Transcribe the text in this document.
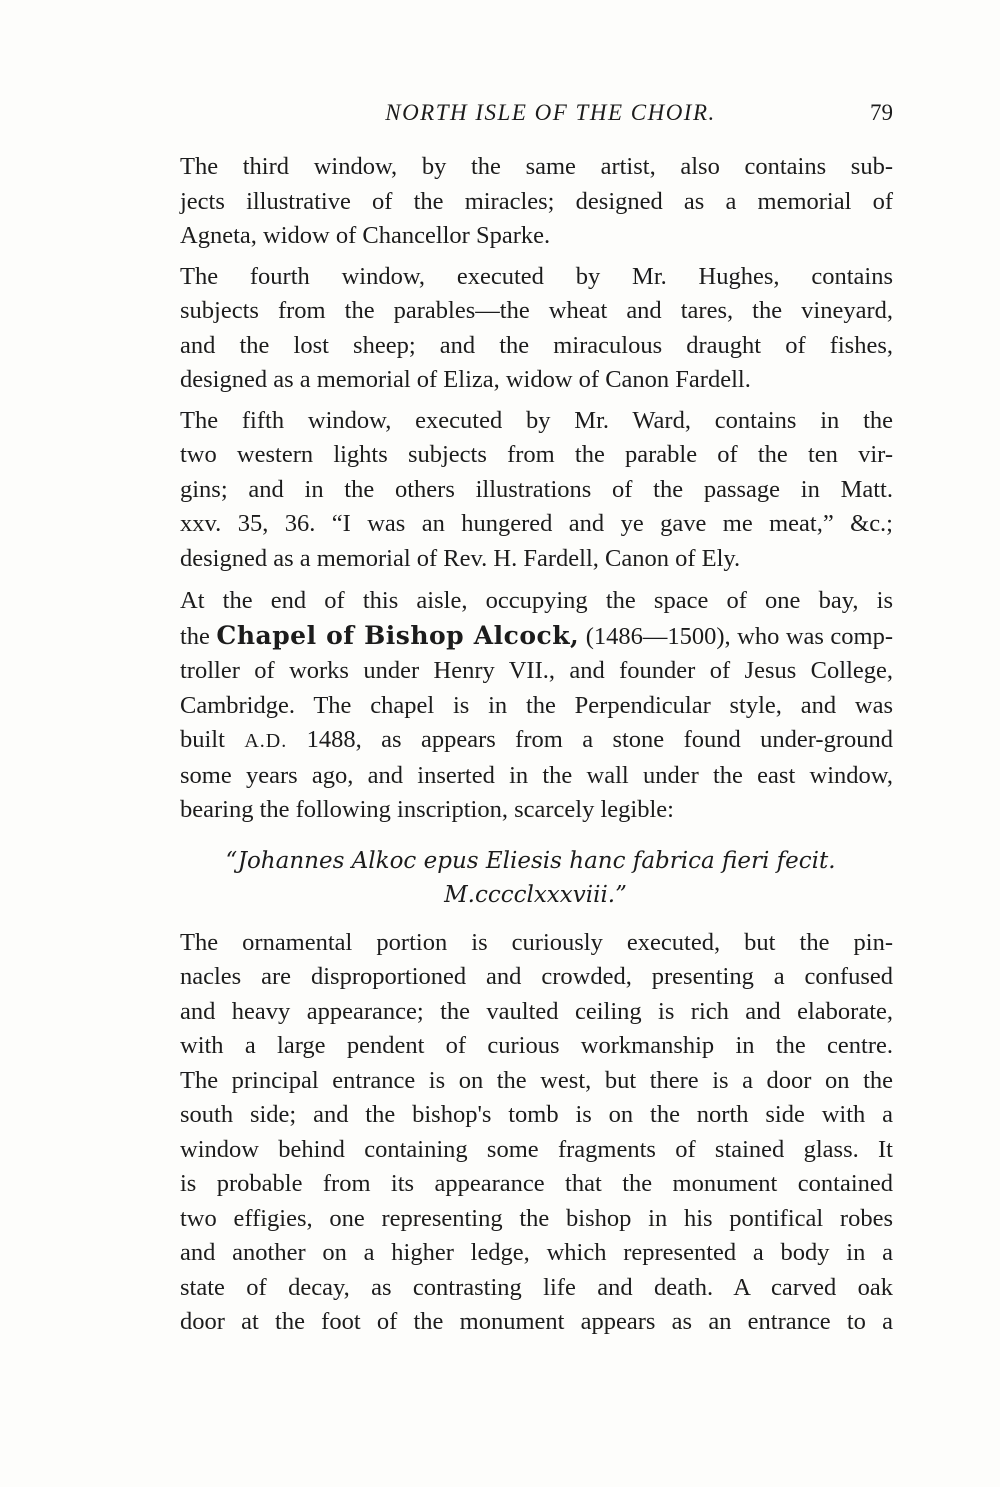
NORTH ISLE OF THE CHOIR.	79

The third window, by the same artist, also contains sub-
jects illustrative of the miracles; designed as a memorial of
Agneta, widow of Chancellor Sparke.

The fourth window, executed by Mr. Hughes, contains
subjects from the parables—the wheat and tares, the vineyard,
and the lost sheep; and the miraculous draught of fishes,
designed as a memorial of Eliza, widow of Canon Fardell.

The fifth window, executed by Mr. Ward, contains in the
two western lights subjects from the parable of the ten vir-
gins; and in the others illustrations of the passage in Matt.
xxv. 35, 36. “I was an hungered and ye gave me meat,” &c.;
designed as a memorial of Rev. H. Fardell, Canon of Ely.

At the end of this aisle, occupying the space of one bay, is
the Chapel of Bishop Alcock, (1486—1500), who was comp-
troller of works under Henry VII., and founder of Jesus College,
Cambridge. The chapel is in the Perpendicular style, and was
built A.D. 1488, as appears from a stone found under-ground
some years ago, and inserted in the wall under the east window,
bearing the following inscription, scarcely legible:

“Johannes Alkoc epus Eliesis hanc fabrica fieri fecit.
M.cccclxxxviii.”

The ornamental portion is curiously executed, but the pin-
nacles are disproportioned and crowded, presenting a confused
and heavy appearance; the vaulted ceiling is rich and elaborate,
with a large pendent of curious workmanship in the centre.
The principal entrance is on the west, but there is a door on the
south side; and the bishop's tomb is on the north side with a
window behind containing some fragments of stained glass. It
is probable from its appearance that the monument contained
two effigies, one representing the bishop in his pontifical robes
and another on a higher ledge, which represented a body in a
state of decay, as contrasting life and death. A carved oak
door at the foot of the monument appears as an entrance to a
